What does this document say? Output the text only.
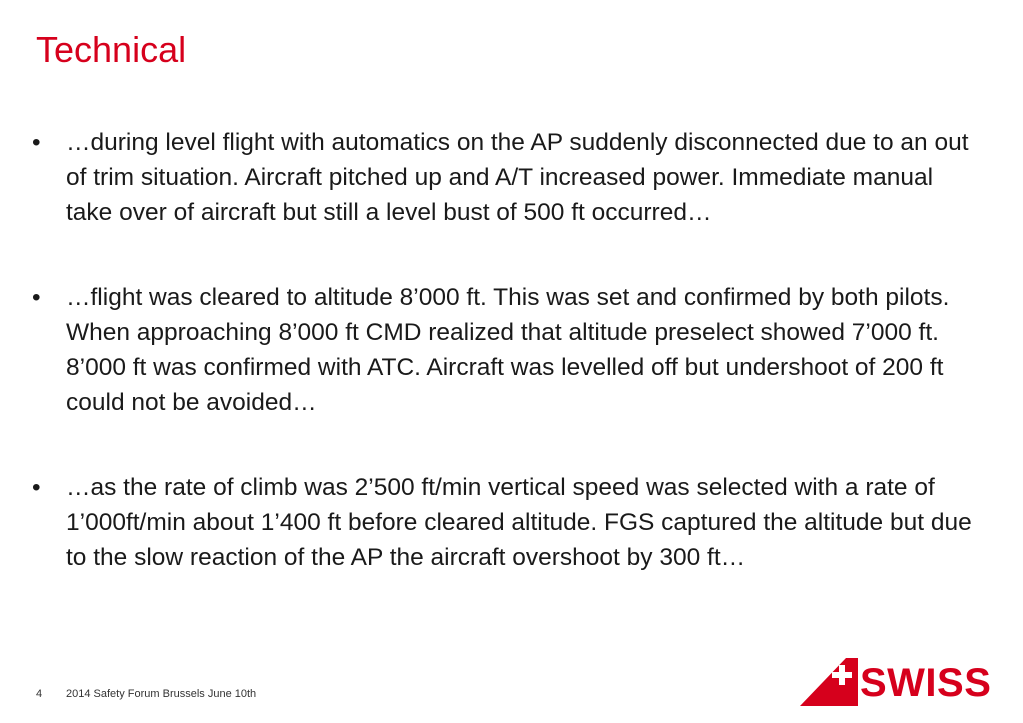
Technical
• …during level flight with automatics on the AP suddenly disconnected due to an out of trim situation. Aircraft pitched up and A/T increased power. Immediate manual take over of aircraft but still a level bust of 500 ft occurred…
• …flight was cleared to altitude 8’000 ft. This was set and confirmed by both pilots. When approaching 8’000 ft CMD realized that altitude preselect showed 7’000 ft. 8’000 ft was confirmed with ATC. Aircraft was levelled off but undershoot of 200 ft could not be avoided…
• …as the rate of climb was 2’500 ft/min vertical speed was selected with a rate of 1’000ft/min about 1’400 ft before cleared altitude. FGS captured the altitude but due to the slow reaction of the AP the aircraft overshoot by 300 ft…
4 2014 Safety Forum Brussels June 10th	SWISS
